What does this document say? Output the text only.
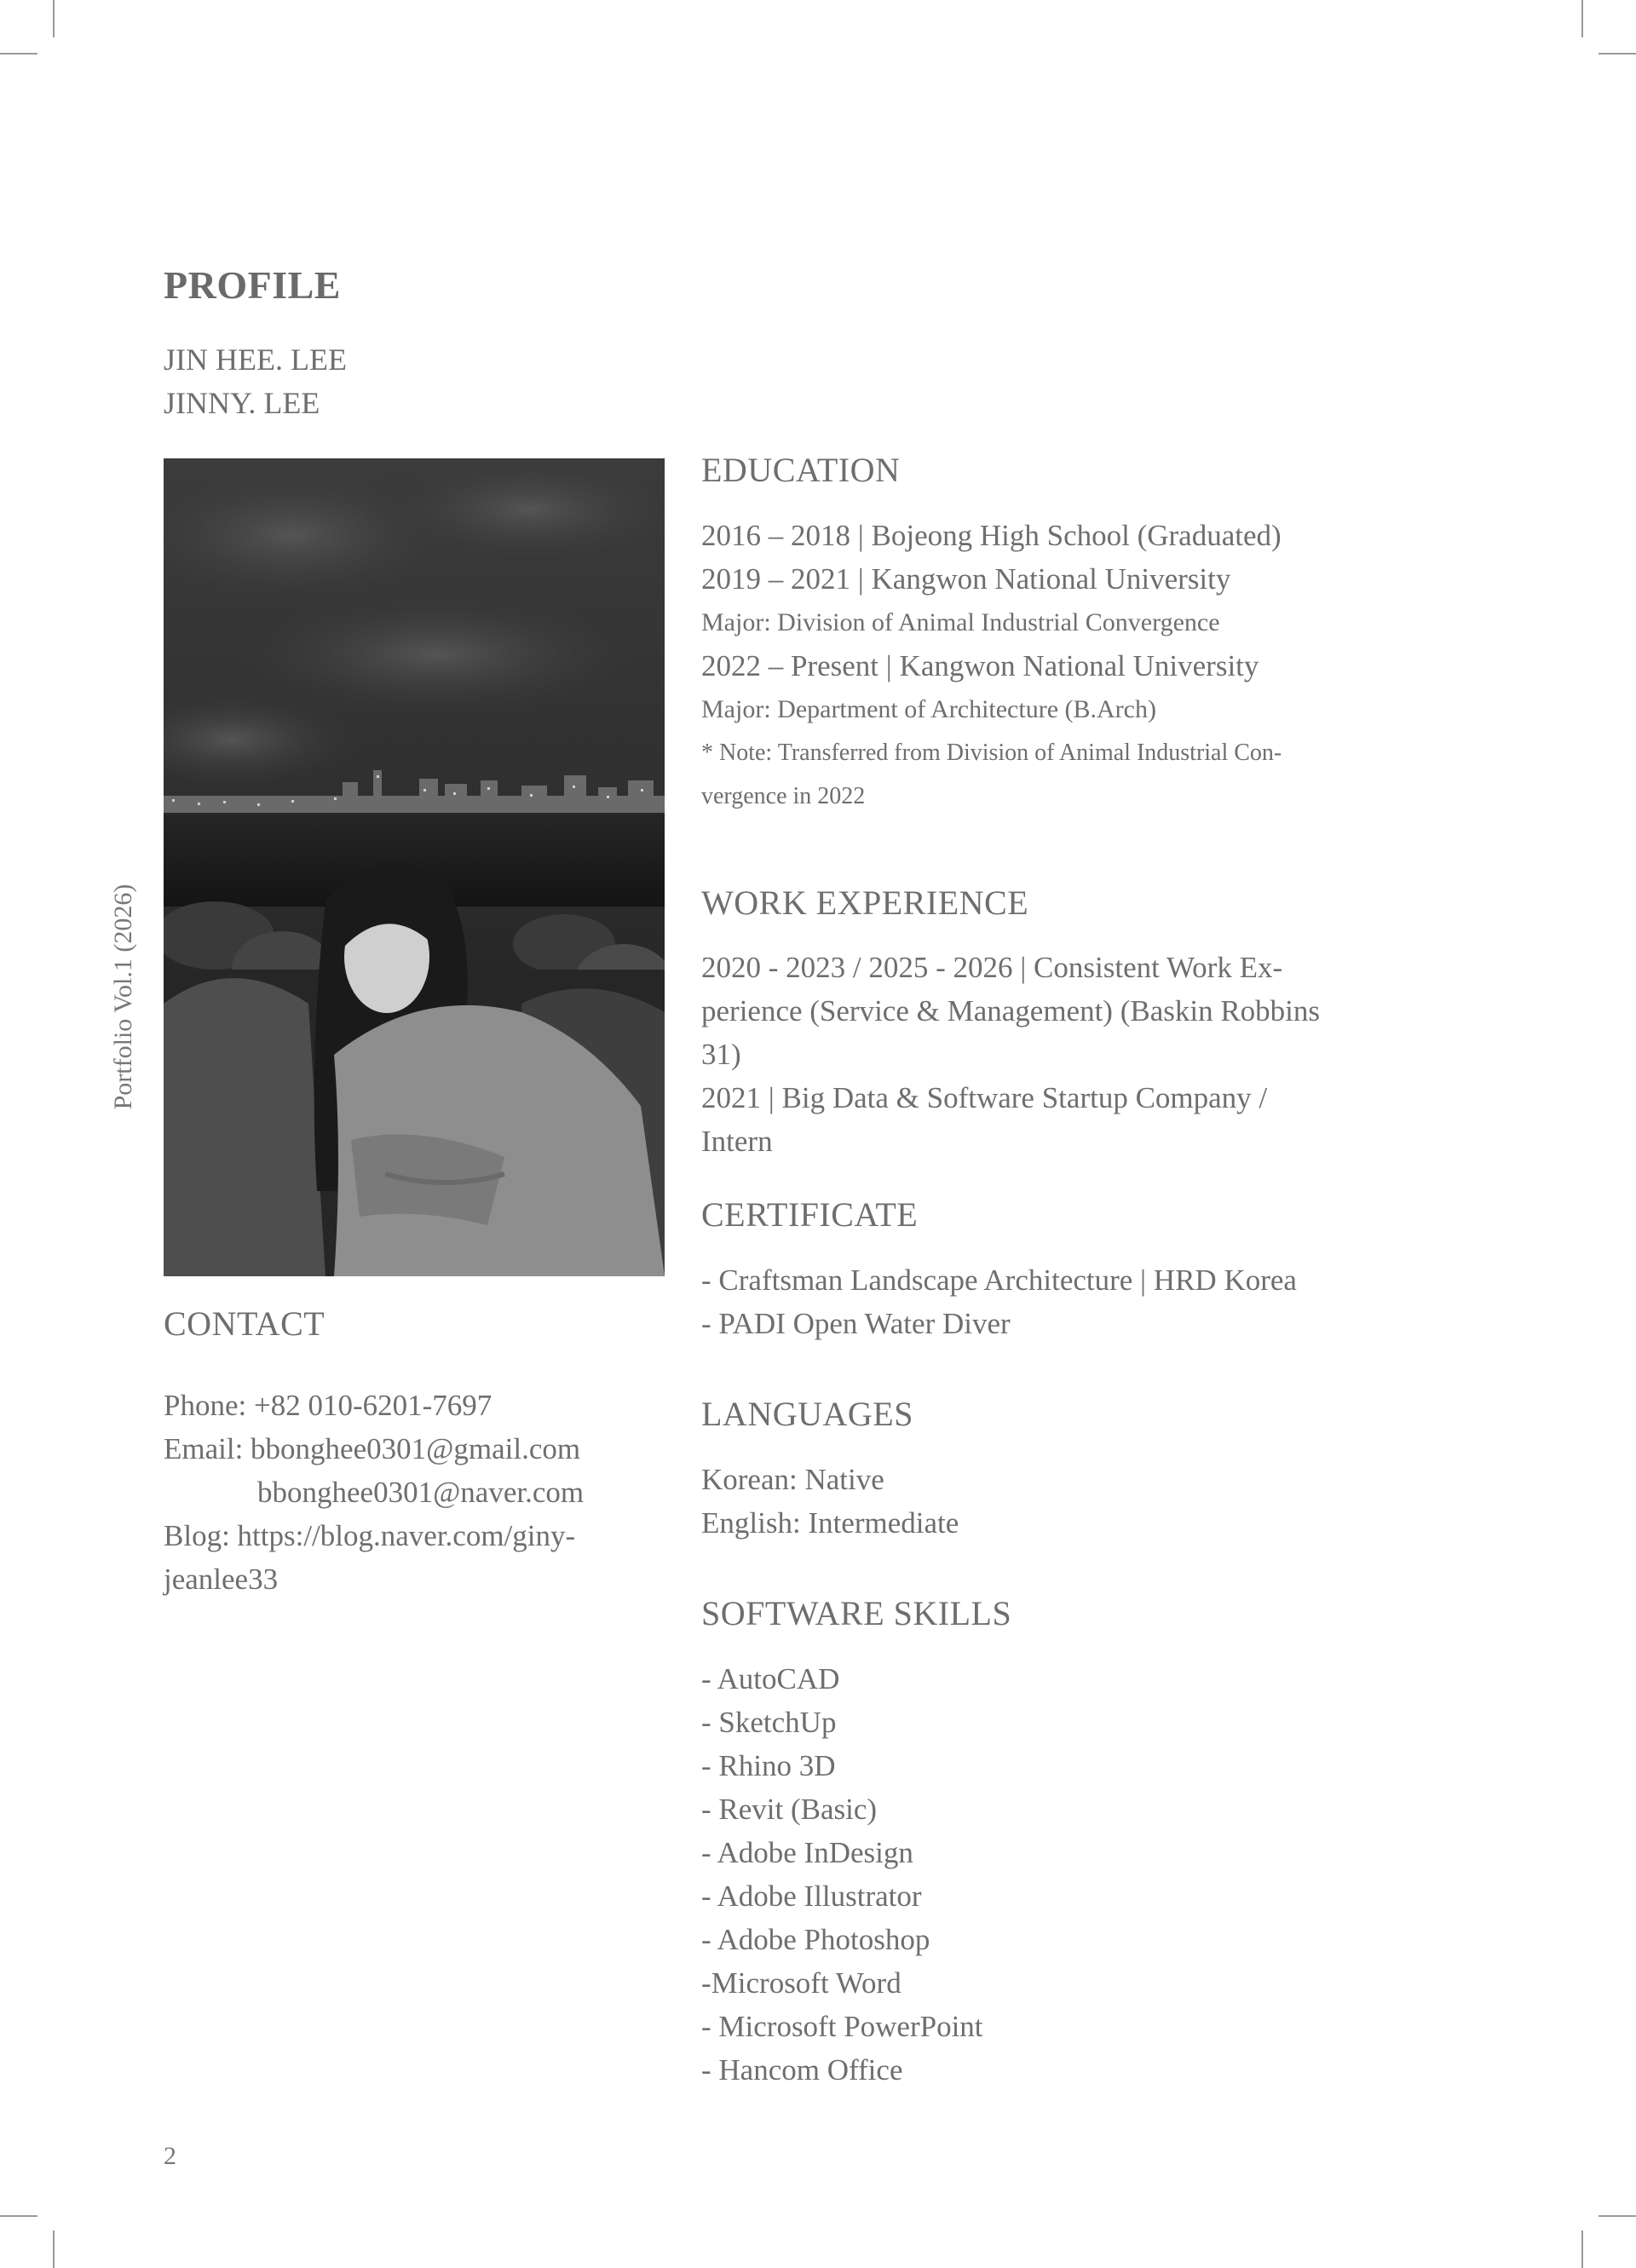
PROFILE
JIN HEE. LEE
JINNY. LEE
Portfolio Vol.1 (2026)
CONTACT
Phone: +82 010-6201-7697
Email: bbonghee0301@gmail.com
bbonghee0301@naver.com
Blog: https://blog.naver.com/giny-
jeanlee33
EDUCATION
2016 – 2018 | Bojeong High School (Graduated)
2019 – 2021 | Kangwon National University
Major: Division of Animal Industrial Convergence
2022 – Present | Kangwon National University
Major: Department of Architecture (B.Arch)
* Note: Transferred from Division of Animal Industrial Con-
vergence in 2022
WORK EXPERIENCE
2020 - 2023 / 2025 - 2026 | Consistent Work Ex-
perience (Service & Management) (Baskin Robbins
31)
2021 | Big Data & Software Startup Company /
Intern
CERTIFICATE
- Craftsman Landscape Architecture | HRD Korea
- PADI Open Water Diver
LANGUAGES
Korean: Native
English: Intermediate
SOFTWARE SKILLS
- AutoCAD
- SketchUp
- Rhino 3D
- Revit (Basic)
- Adobe InDesign
- Adobe Illustrator
- Adobe Photoshop
-Microsoft Word
- Microsoft PowerPoint
- Hancom Office
2
